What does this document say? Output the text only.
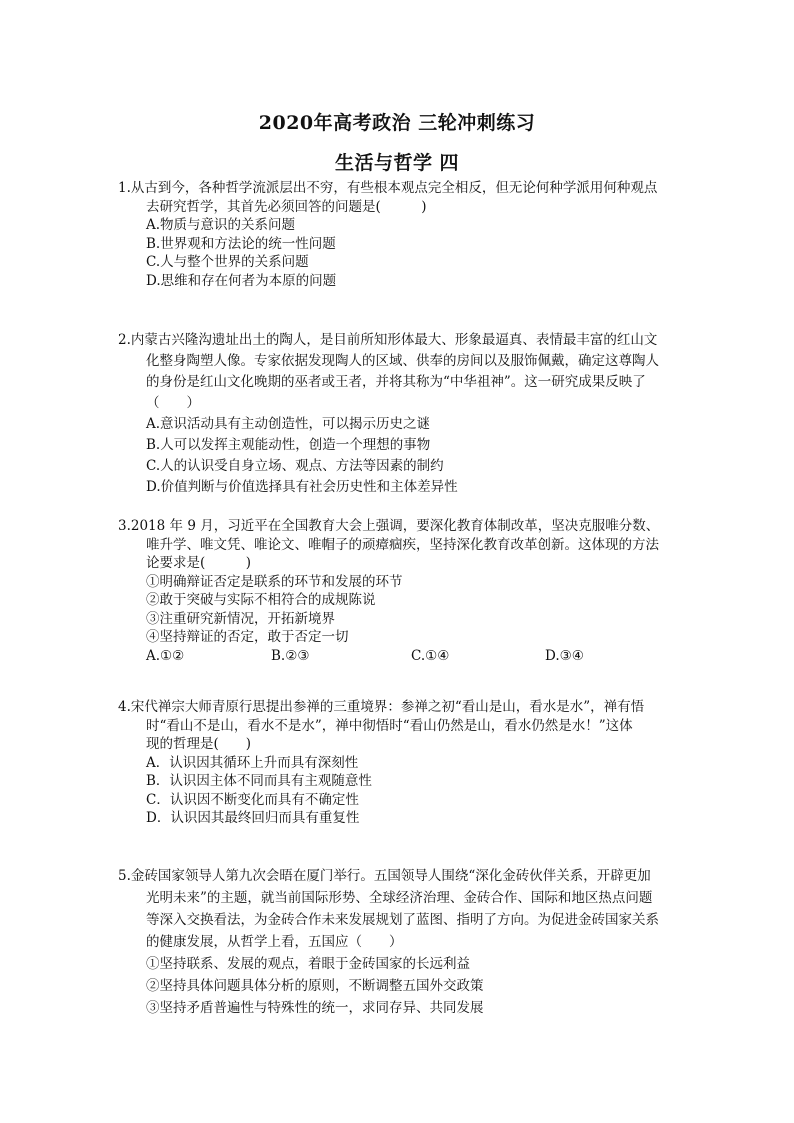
2020年高考政治 三轮冲刺练习
生活与哲学 四
1.从古到今，各种哲学流派层出不穷，有些根本观点完全相反，但无论何种学派用何种观点
去研究哲学，其首先必须回答的问题是(　　　)
A.物质与意识的关系问题
B.世界观和方法论的统一性问题
C.人与整个世界的关系问题
D.思维和存在何者为本原的问题
2.内蒙古兴隆沟遗址出土的陶人，是目前所知形体最大、形象最逼真、表情最丰富的红山文
化整身陶塑人像。专家依据发现陶人的区域、供奉的房间以及服饰佩戴，确定这尊陶人
的身份是红山文化晚期的巫者或王者，并将其称为“中华祖神”。这一研究成果反映了
（　　）
A.意识活动具有主动创造性，可以揭示历史之谜
B.人可以发挥主观能动性，创造一个理想的事物
C.人的认识受自身立场、观点、方法等因素的制约
D.价值判断与价值选择具有社会历史性和主体差异性
3.2018 年 9 月，习近平在全国教育大会上强调，要深化教育体制改革，坚决克服唯分数、
唯升学、唯文凭、唯论文、唯帽子的顽瘴痼疾，坚持深化教育改革创新。这体现的方法
论要求是(　　　)
①明确辩证否定是联系的环节和发展的环节
②敢于突破与实际不相符合的成规陈说
③注重研究新情况，开拓新境界
④坚持辩证的否定，敢于否定一切
A.①②	B.②③	C.①④	D.③④
4.宋代禅宗大师青原行思提出参禅的三重境界：参禅之初“看山是山，看水是水”，禅有悟
时“看山不是山，看水不是水”，禅中彻悟时“看山仍然是山，看水仍然是水！”这体
现的哲理是(　　)
A．认识因其循环上升而具有深刻性
B．认识因主体不同而具有主观随意性
C．认识因不断变化而具有不确定性
D．认识因其最终回归而具有重复性
5.金砖国家领导人第九次会晤在厦门举行。五国领导人围绕“深化金砖伙伴关系，开辟更加
光明未来”的主题，就当前国际形势、全球经济治理、金砖合作、国际和地区热点问题
等深入交换看法，为金砖合作未来发展规划了蓝图、指明了方向。为促进金砖国家关系
的健康发展，从哲学上看，五国应（　　）
①坚持联系、发展的观点，着眼于金砖国家的长远利益
②坚持具体问题具体分析的原则，不断调整五国外交政策
③坚持矛盾普遍性与特殊性的统一，求同存异、共同发展
